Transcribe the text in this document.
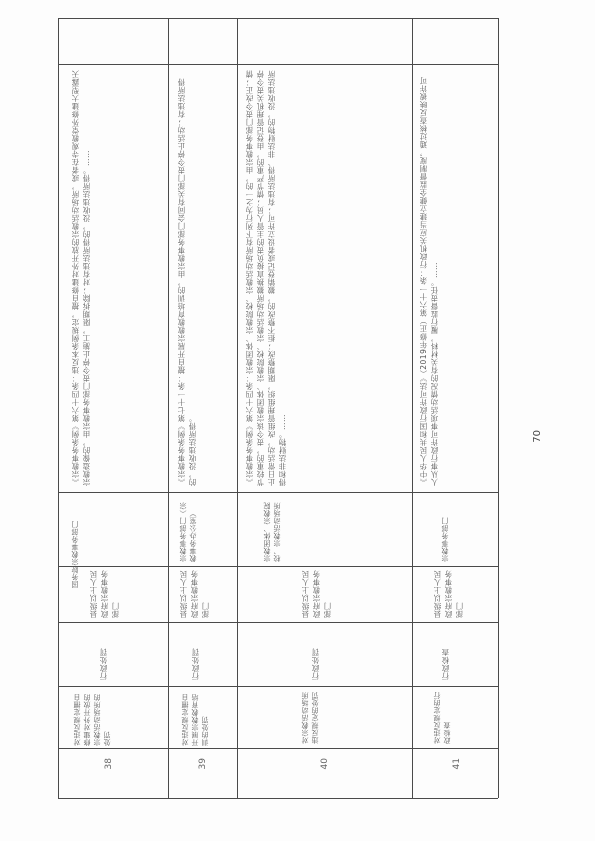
38
对违反规定擅自修建对外开放的宗教活动场所的处罚
行政处罚
县级以上人民政府宗教事务部门
国务院宗教事务部门
《宗教事务条例》第六十四条：违反本条例规定，擅自修建对外开放的宗教活动场所，或者在寺观教堂外修建大型露天宗教造像的，由宗教事务部门责令停止施工，限期拆除；对有违法所得的，没收违法所得。……
39
对违反规定擅自开展宗教教育培训的处罚
行政处罚
县级以上人民政府宗教事务部门
宗教事务部门（宗教事务办公室）
《宗教事务条例》第七十一条：擅自开展宗教教育培训的，由宗教事务部门会同有关部门责令停止活动；有违法所得的，没收违法所得。
40
对宗教活动场所违反规定的处罚
行政处罚
县级以上人民政府宗教事务部门
宗教团体、宗教院校、宗教活动场所
《宗教事务条例》第六十四条：宗教团体、宗教院校、宗教活动场所有下列行为之一的，由宗教事务部门责令改正；情节较重的，责令该宗教团体、宗教院校、宗教活动场所撤换直接负责的主管人员；情节严重的，由登记管理机关责令停止日常活动，改组管理组织，限期整改；拒不整改的，撤销登记或者设立许可；有违法所得、非法财物的，没收违法所得和非法财物。……
41
对违反规定的行政检查
行政检查
县级以上人民政府宗教事务部门
宗教事务部门
《中华人民共和国行政许可法》（2019年修正）第六十一条：行政机关应当建立健全监督制度，通过核查反映被许可人从事行政许可事项活动情况的有关材料，履行监督责任。……	70
